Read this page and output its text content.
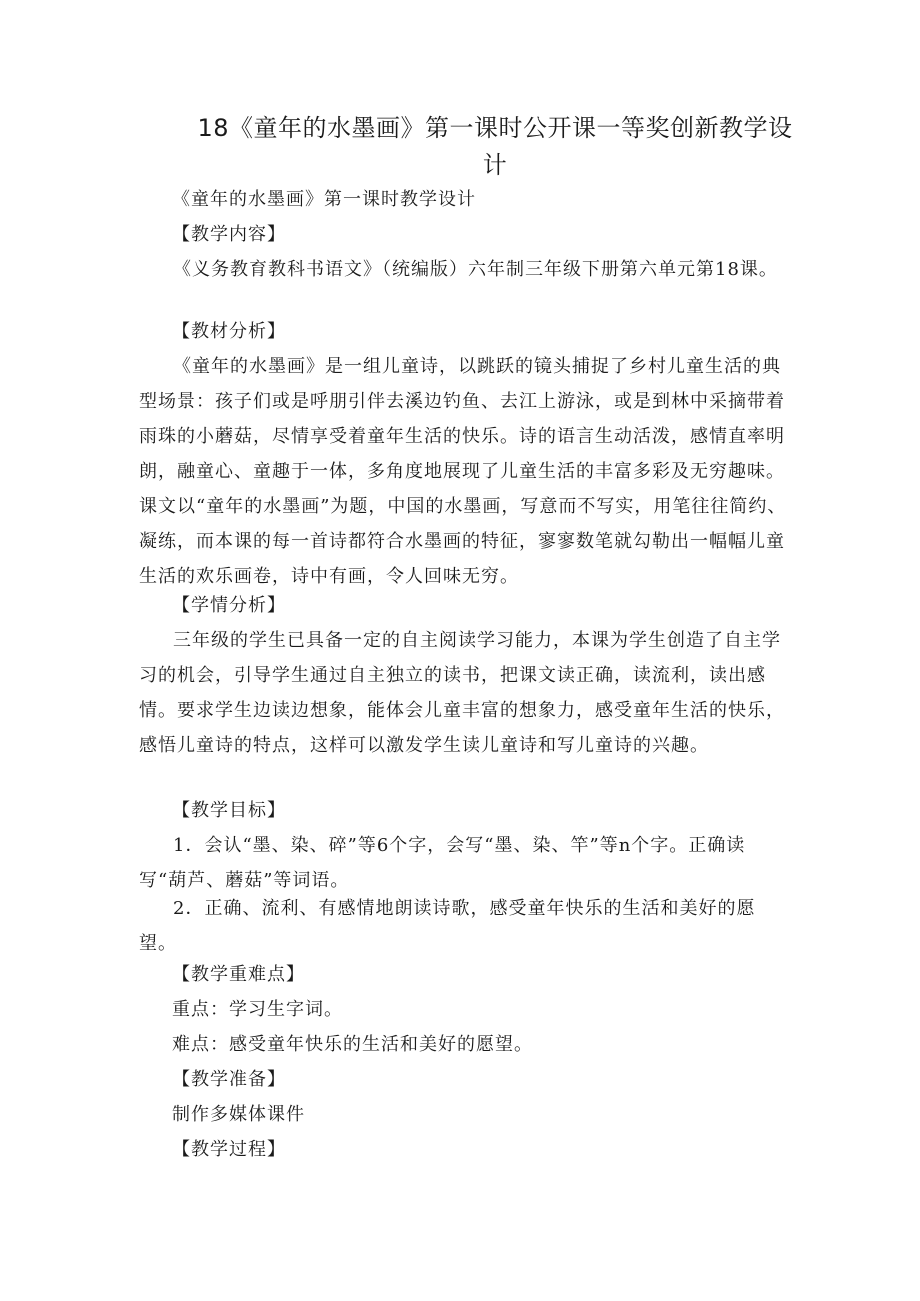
18《童年的水墨画》第一课时公开课一等奖创新教学设计

《童年的水墨画》第一课时教学设计

【教学内容】

《义务教育教科书语文》（统编版）六年制三年级下册第六单元第18课。

【教材分析】

《童年的水墨画》是一组儿童诗，以跳跃的镜头捕捉了乡村儿童生活的典型场景：孩子们或是呼朋引伴去溪边钓鱼、去江上游泳，或是到林中采摘带着雨珠的小蘑菇，尽情享受着童年生活的快乐。诗的语言生动活泼，感情直率明朗，融童心、童趣于一体，多角度地展现了儿童生活的丰富多彩及无穷趣味。课文以“童年的水墨画”为题，中国的水墨画，写意而不写实，用笔往往简约、凝练，而本课的每一首诗都符合水墨画的特征，寥寥数笔就勾勒出一幅幅儿童生活的欢乐画卷，诗中有画，令人回味无穷。

【学情分析】

三年级的学生已具备一定的自主阅读学习能力，本课为学生创造了自主学习的机会，引导学生通过自主独立的读书，把课文读正确，读流利，读出感情。要求学生边读边想象，能体会儿童丰富的想象力，感受童年生活的快乐，感悟儿童诗的特点，这样可以激发学生读儿童诗和写儿童诗的兴趣。

【教学目标】

1．会认“墨、染、碎”等6个字，会写“墨、染、竿”等n个字。正确读写“葫芦、蘑菇”等词语。

2．正确、流利、有感情地朗读诗歌，感受童年快乐的生活和美好的愿望。

【教学重难点】

重点：学习生字词。

难点：感受童年快乐的生活和美好的愿望。

【教学准备】

制作多媒体课件

【教学过程】
